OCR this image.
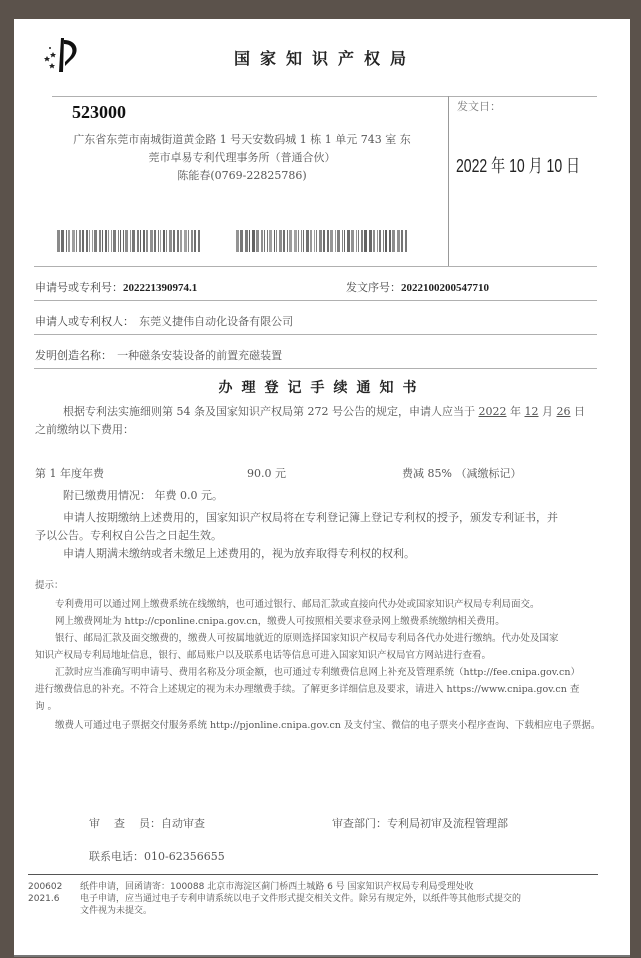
国家知识产权局
523000
广东省东莞市南城街道黄金路 1 号天安数码城 1 栋 1 单元 743 室 东
莞市卓易专利代理事务所（普通合伙）
陈能春(0769-22825786)
发文日：
2022 年 10 月 10 日
申请号或专利号：202221390974.1	发文序号：2022100200547710
申请人或专利权人： 东莞义捷伟自动化设备有限公司
发明创造名称： 一种磁条安装设备的前置充磁装置
办理登记手续通知书
根据专利法实施细则第 54 条及国家知识产权局第 272 号公告的规定，申请人应当于 2022 年 12 月 26 日
之前缴纳以下费用：
第 1 年度年费	90.0 元	费减 85% （减缴标记）
附已缴费用情况： 年费 0.0 元。
申请人按期缴纳上述费用的，国家知识产权局将在专利登记簿上登记专利权的授予，颁发专利证书，并
予以公告。专利权自公告之日起生效。
申请人期满未缴纳或者未缴足上述费用的，视为放弃取得专利权的权利。
提示：
专利费用可以通过网上缴费系统在线缴纳，也可通过银行、邮局汇款或直接向代办处或国家知识产权局专利局面交。
网上缴费网址为 http://cponline.cnipa.gov.cn，缴费人可按照相关要求登录网上缴费系统缴纳相关费用。
银行、邮局汇款及面交缴费的，缴费人可按属地就近的原则选择国家知识产权局专利局各代办处进行缴纳。代办处及国家
知识产权局专利局地址信息，银行、邮局账户以及联系电话等信息可进入国家知识产权局官方网站进行查看。
汇款时应当准确写明申请号、费用名称及分项金额，也可通过专利缴费信息网上补充及管理系统（http://fee.cnipa.gov.cn）
进行缴费信息的补充。不符合上述规定的视为未办理缴费手续。了解更多详细信息及要求，请进入 https://www.cnipa.gov.cn 查
询 。
缴费人可通过电子票据交付服务系统 http://pjonline.cnipa.gov.cn 及支付宝、微信的电子票夹小程序查询、下载相应电子票据。
审    查    员：自动审查	审查部门：专利局初审及流程管理部
联系电话：010-62356655
200602
2021.6
纸件申请，回函请寄：100088 北京市海淀区蓟门桥西土城路 6 号 国家知识产权局专利局受理处收
电子申请，应当通过电子专利申请系统以电子文件形式提交相关文件。除另有规定外，以纸件等其他形式提交的
文件视为未提交。
